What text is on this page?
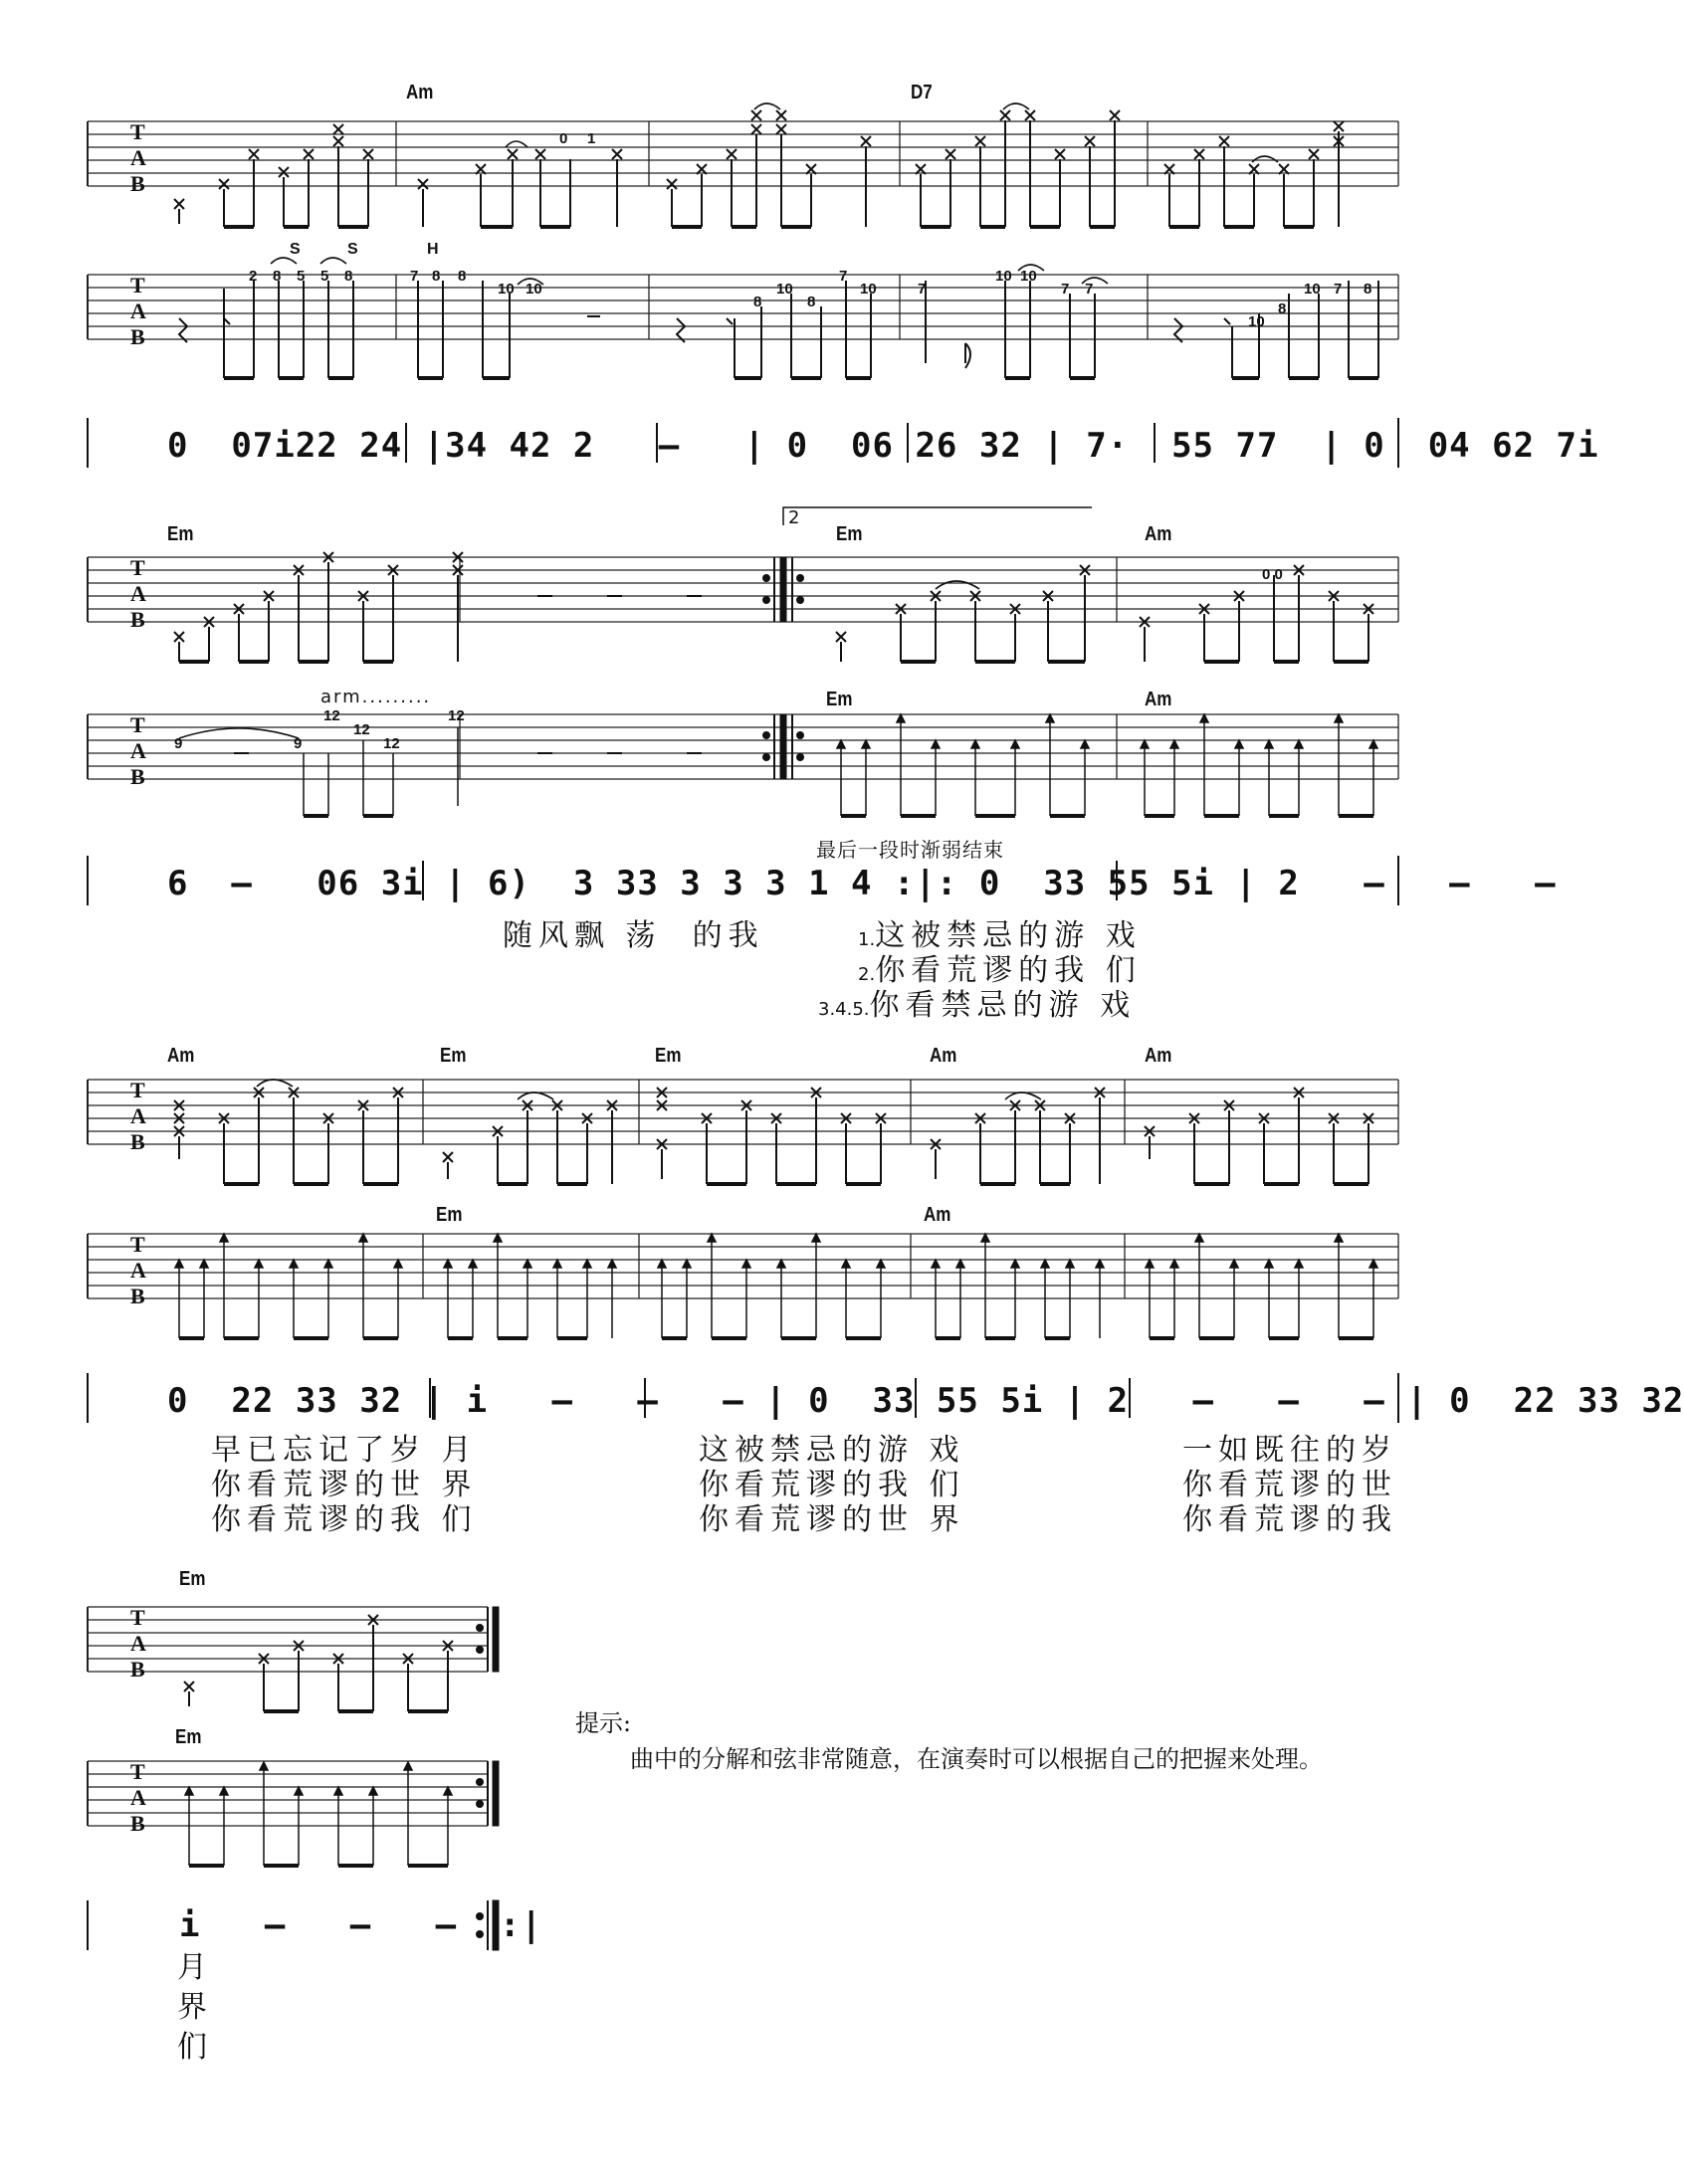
Am	D7
T
A
B
T
A
B
0 1
S	S	H
2 8 5 5 8	7 8 8
10 10
8
10
8
7
10	7
10 10
7 7
10
8
10 7 8
0  07i22 24 |34 42 2   –   | 0  06 26 32 | 7·  55 77  | 0  04 62 7i
Em	Em	Am
Em	Am
2
arm.........
最后一段时渐弱结束
T
A
B
T
A
B
0 0
9
12
9
12
12
12
6  –   06 3i | 6)  3 33 3 3 3 1 4 :|: 0  33 55 5i | 2   –   –   –
随风飘 荡  的我	1.这被禁忌的游 戏
2.你看荒谬的我 们
3.4.5.你看禁忌的游 戏
Am	Em	Em	Am	Am
Em	Am
T
A
B
T
A
B
0  22 33 32 | i   –   –   – | 0  33 55 5i | 2   –   –   – | 0  22 33 32
早已忘记了岁 月
你看荒谬的世 界
你看荒谬的我 们
这被禁忌的游 戏
你看荒谬的我 们
你看荒谬的世 界
一如既往的岁
你看荒谬的世
你看荒谬的我
Em
Em
T
A
B
T
A
B
i   –   –   –  :|
月
界
们
提示:
曲中的分解和弦非常随意，在演奏时可以根据自己的把握来处理。
